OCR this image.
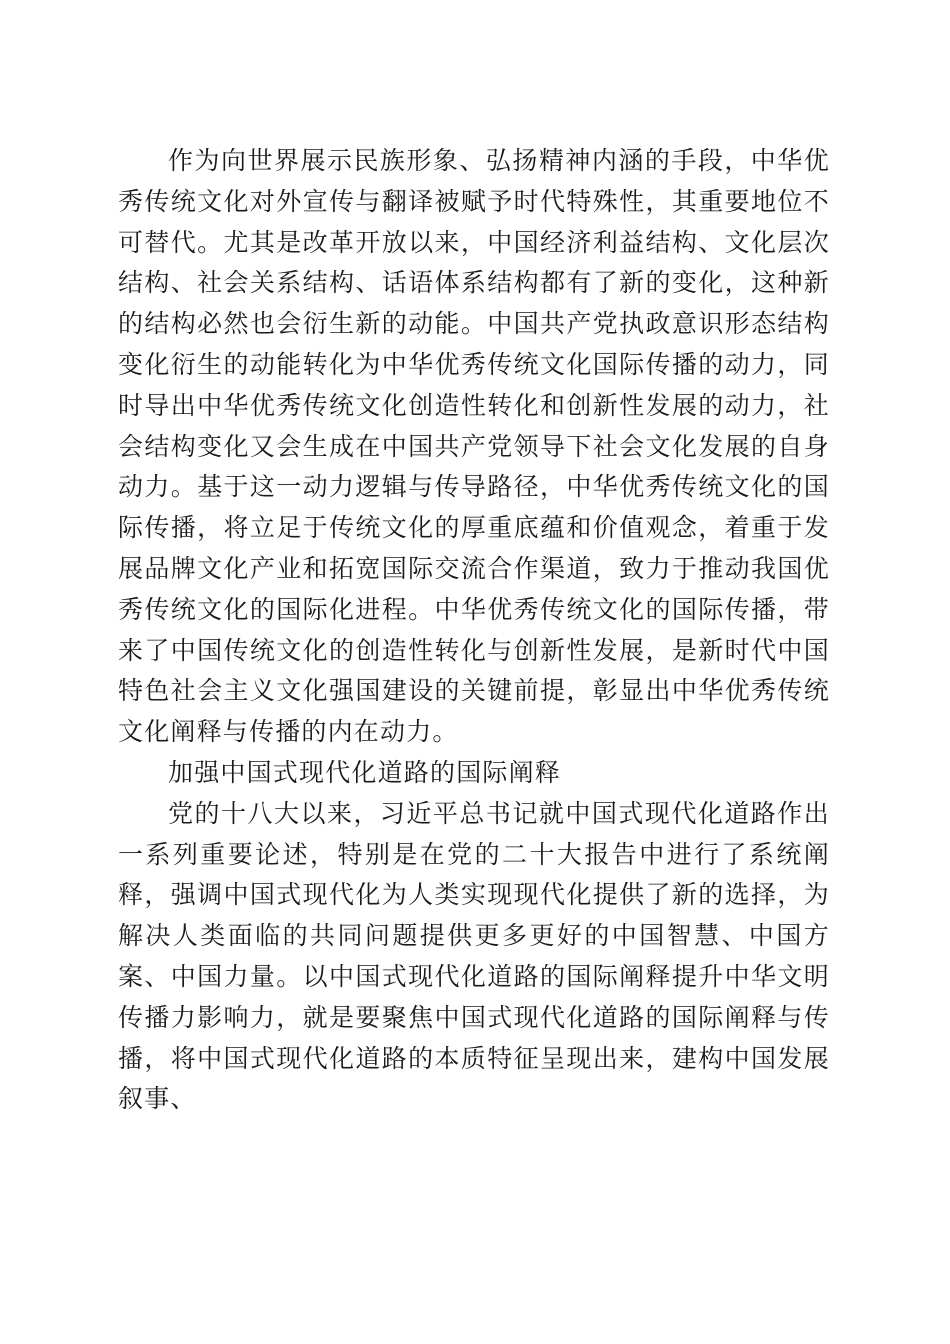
作为向世界展示民族形象、弘扬精神内涵的手段，中华优秀传统文化对外宣传与翻译被赋予时代特殊性，其重要地位不可替代。尤其是改革开放以来，中国经济利益结构、文化层次结构、社会关系结构、话语体系结构都有了新的变化，这种新的结构必然也会衍生新的动能。中国共产党执政意识形态结构变化衍生的动能转化为中华优秀传统文化国际传播的动力，同时导出中华优秀传统文化创造性转化和创新性发展的动力，社会结构变化又会生成在中国共产党领导下社会文化发展的自身动力。基于这一动力逻辑与传导路径，中华优秀传统文化的国际传播，将立足于传统文化的厚重底蕴和价值观念，着重于发展品牌文化产业和拓宽国际交流合作渠道，致力于推动我国优秀传统文化的国际化进程。中华优秀传统文化的国际传播，带来了中国传统文化的创造性转化与创新性发展，是新时代中国特色社会主义文化强国建设的关键前提，彰显出中华优秀传统文化阐释与传播的内在动力。

加强中国式现代化道路的国际阐释

党的十八大以来，习近平总书记就中国式现代化道路作出一系列重要论述，特别是在党的二十大报告中进行了系统阐释，强调中国式现代化为人类实现现代化提供了新的选择，为解决人类面临的共同问题提供更多更好的中国智慧、中国方案、中国力量。以中国式现代化道路的国际阐释提升中华文明传播力影响力，就是要聚焦中国式现代化道路的国际阐释与传播，将中国式现代化道路的本质特征呈现出来，建构中国发展叙事、
